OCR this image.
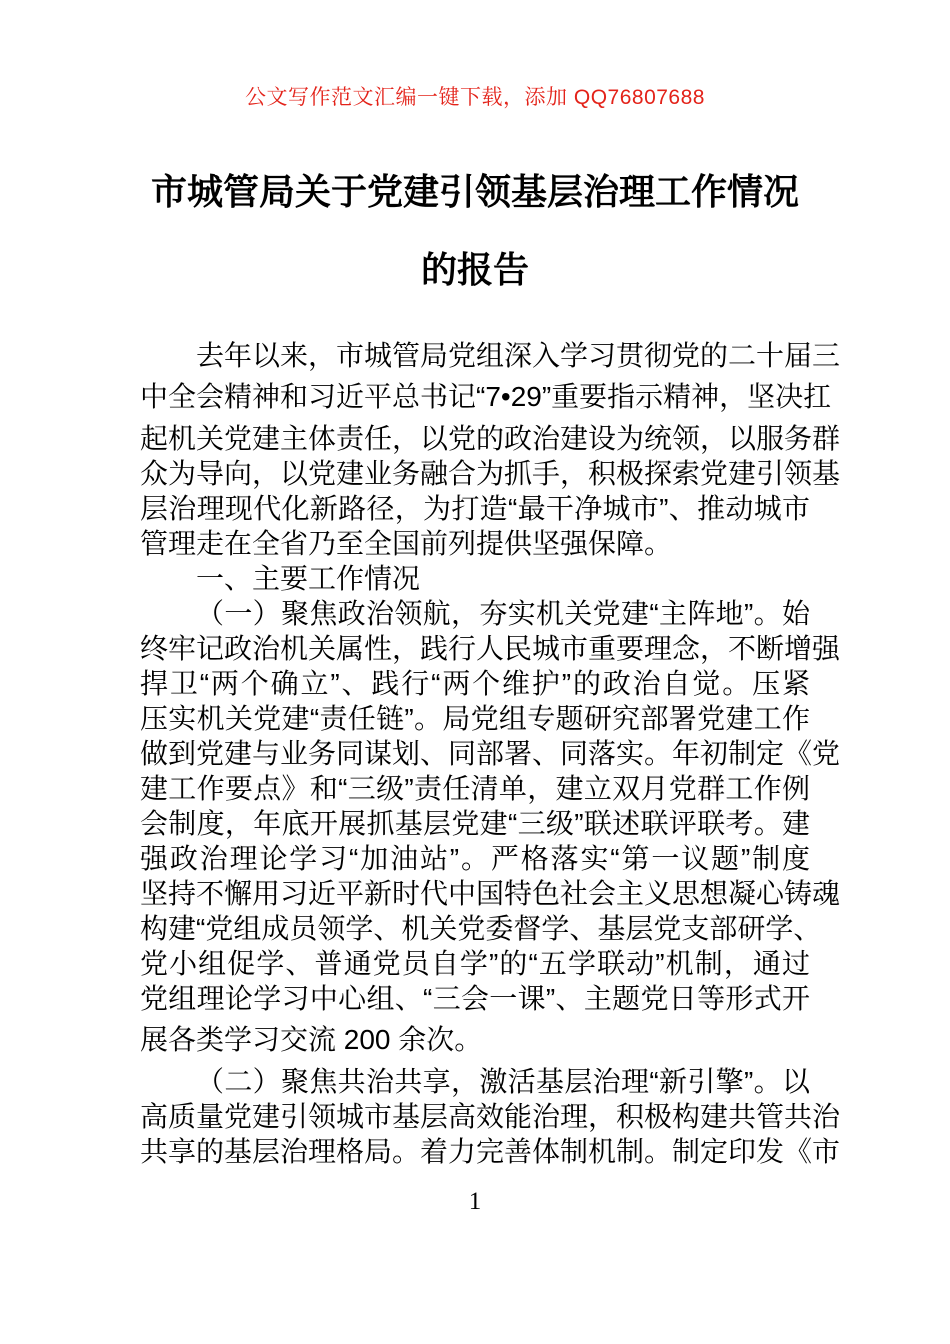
公文写作范文汇编一键下载，添加 QQ76807688
市城管局关于党建引领基层治理工作情况
的报告
去年以来，市城管局党组深入学习贯彻党的二十届三
中全会精神和习近平总书记“7•29”重要指示精神，坚决扛
起机关党建主体责任，以党的政治建设为统领，以服务群
众为导向，以党建业务融合为抓手，积极探索党建引领基
层治理现代化新路径，为打造“最干净城市”、推动城市
管理走在全省乃至全国前列提供坚强保障。
一、主要工作情况
（一）聚焦政治领航，夯实机关党建“主阵地”。始
终牢记政治机关属性，践行人民城市重要理念，不断增强
捍卫“两个确立”、践行“两个维护”的政治自觉。压紧
压实机关党建“责任链”。局党组专题研究部署党建工作
做到党建与业务同谋划、同部署、同落实。年初制定《党
建工作要点》和“三级”责任清单，建立双月党群工作例
会制度，年底开展抓基层党建“三级”联述联评联考。建
强政治理论学习“加油站”。严格落实“第一议题”制度
坚持不懈用习近平新时代中国特色社会主义思想凝心铸魂
构建“党组成员领学、机关党委督学、基层党支部研学、
党小组促学、普通党员自学”的“五学联动”机制，通过
党组理论学习中心组、“三会一课”、主题党日等形式开
展各类学习交流 200 余次。
（二）聚焦共治共享，激活基层治理“新引擎”。以
高质量党建引领城市基层高效能治理，积极构建共管共治
共享的基层治理格局。着力完善体制机制。制定印发《市
1
